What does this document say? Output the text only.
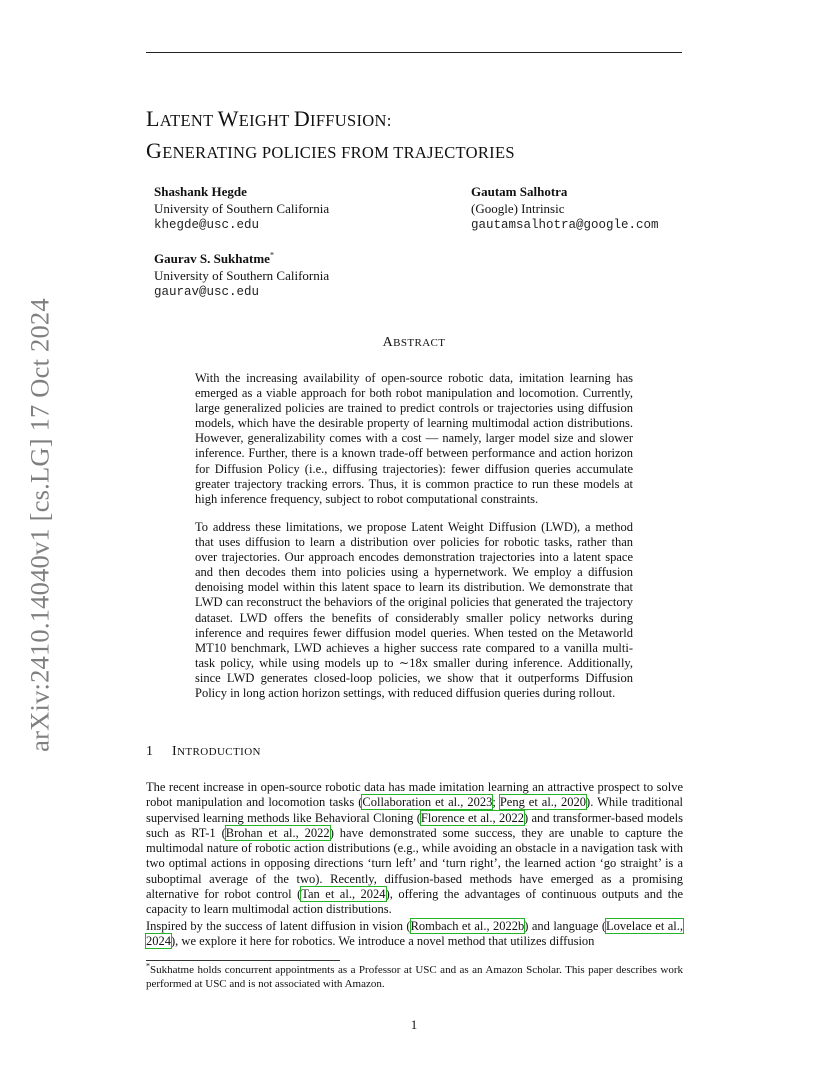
arXiv:2410.14040v1 [cs.LG] 17 Oct 2024
LATENT WEIGHT DIFFUSION:
GENERATING POLICIES FROM TRAJECTORIES
Shashank Hegde
University of Southern California
khegde@usc.edu
Gautam Salhotra
(Google) Intrinsic
gautamsalhotra@google.com
Gaurav S. Sukhatme*
University of Southern California
gaurav@usc.edu
ABSTRACT
With the increasing availability of open-source robotic data, imitation learning has emerged as a viable approach for both robot manipulation and locomotion. Currently, large generalized policies are trained to predict controls or trajectories using diffusion models, which have the desirable property of learning multimodal action distributions. However, generalizability comes with a cost — namely, larger model size and slower inference. Further, there is a known trade-off between performance and action horizon for Diffusion Policy (i.e., diffusing trajectories): fewer diffusion queries accumulate greater trajectory tracking errors. Thus, it is common practice to run these models at high inference frequency, subject to robot computational constraints.
To address these limitations, we propose Latent Weight Diffusion (LWD), a method that uses diffusion to learn a distribution over policies for robotic tasks, rather than over trajectories. Our approach encodes demonstration trajectories into a latent space and then decodes them into policies using a hypernetwork. We employ a diffusion denoising model within this latent space to learn its distribution. We demonstrate that LWD can reconstruct the behaviors of the original policies that generated the trajectory dataset. LWD offers the benefits of considerably smaller policy networks during inference and requires fewer diffusion model queries. When tested on the Metaworld MT10 benchmark, LWD achieves a higher success rate compared to a vanilla multi-task policy, while using models up to ∼18x smaller during inference. Additionally, since LWD generates closed-loop policies, we show that it outperforms Diffusion Policy in long action horizon settings, with reduced diffusion queries during rollout.
1 INTRODUCTION
The recent increase in open-source robotic data has made imitation learning an attractive prospect to solve robot manipulation and locomotion tasks (Collaboration et al., 2023; Peng et al., 2020). While traditional supervised learning methods like Behavioral Cloning (Florence et al., 2022) and transformer-based models such as RT-1 (Brohan et al., 2022) have demonstrated some success, they are unable to capture the multimodal nature of robotic action distributions (e.g., while avoiding an obstacle in a navigation task with two optimal actions in opposing directions ‘turn left’ and ‘turn right’, the learned action ‘go straight’ is a suboptimal average of the two). Recently, diffusion-based methods have emerged as a promising alternative for robot control (Tan et al., 2024), offering the advantages of continuous outputs and the capacity to learn multimodal action distributions.
Inspired by the success of latent diffusion in vision (Rombach et al., 2022b) and language (Lovelace et al., 2024), we explore it here for robotics. We introduce a novel method that utilizes diffusion
*Sukhatme holds concurrent appointments as a Professor at USC and as an Amazon Scholar. This paper describes work performed at USC and is not associated with Amazon.
1
